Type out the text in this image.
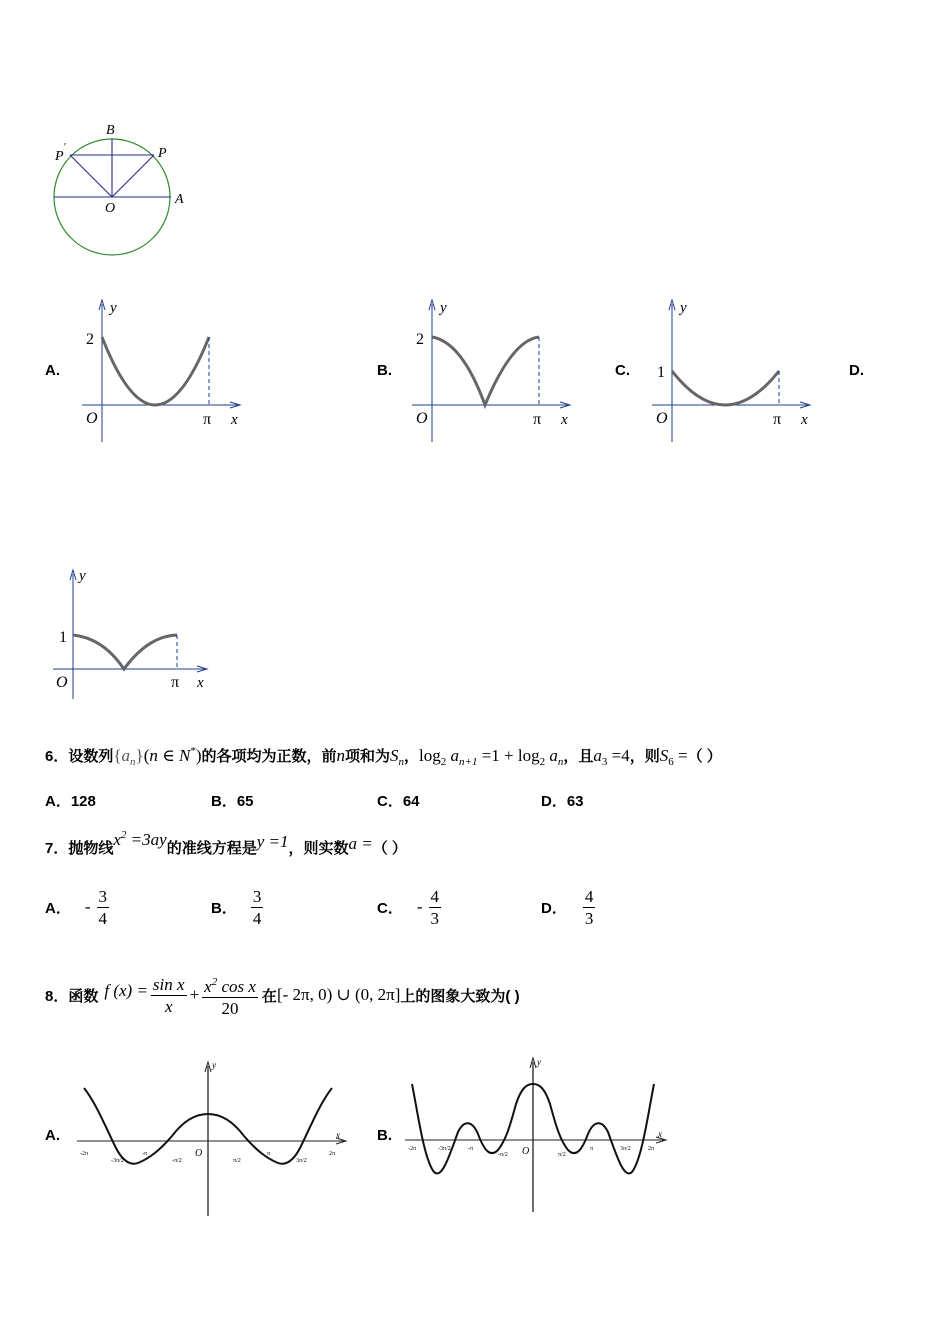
B
P
′	P
O
A
A.
y
2
O	π x
B.
y
2
O	π x
C.
y
1
O	π x
D.
y
1
O	π x
6．设数列$\{a_n\}(n$ ∈ N*)的各项均为正数，前n项和为$S_n$，$\log_2 a_{n+1} =1 + \log_2 a_n$，且$a_3 =4$，则$S_6$ =（ ）
A．128	B．65	C．64	D．63
7．抛物线$x^2 =3ay$的准线方程是y =1，则实数a =（ ）
A． - $\frac{3}{4}$	B． $\frac{3}{4}$	C． - $\frac{4}{3}$	D． $\frac{4}{3}$
8． 函数 f $(x) = \frac{\text{sin x}}{x} + \frac{x^2 \cos x}{20}$ 在 [- 2π, 0) ∪ (0, 2π] 上的图象大致为( )
A.	x
y
O
-2π
-3π/2
-π
-π/2	π/2
π
3π/2
2π
B.	x
y
O
-2π	-3π/2	-π
-π/2	π/2
π	3π/2	2π
